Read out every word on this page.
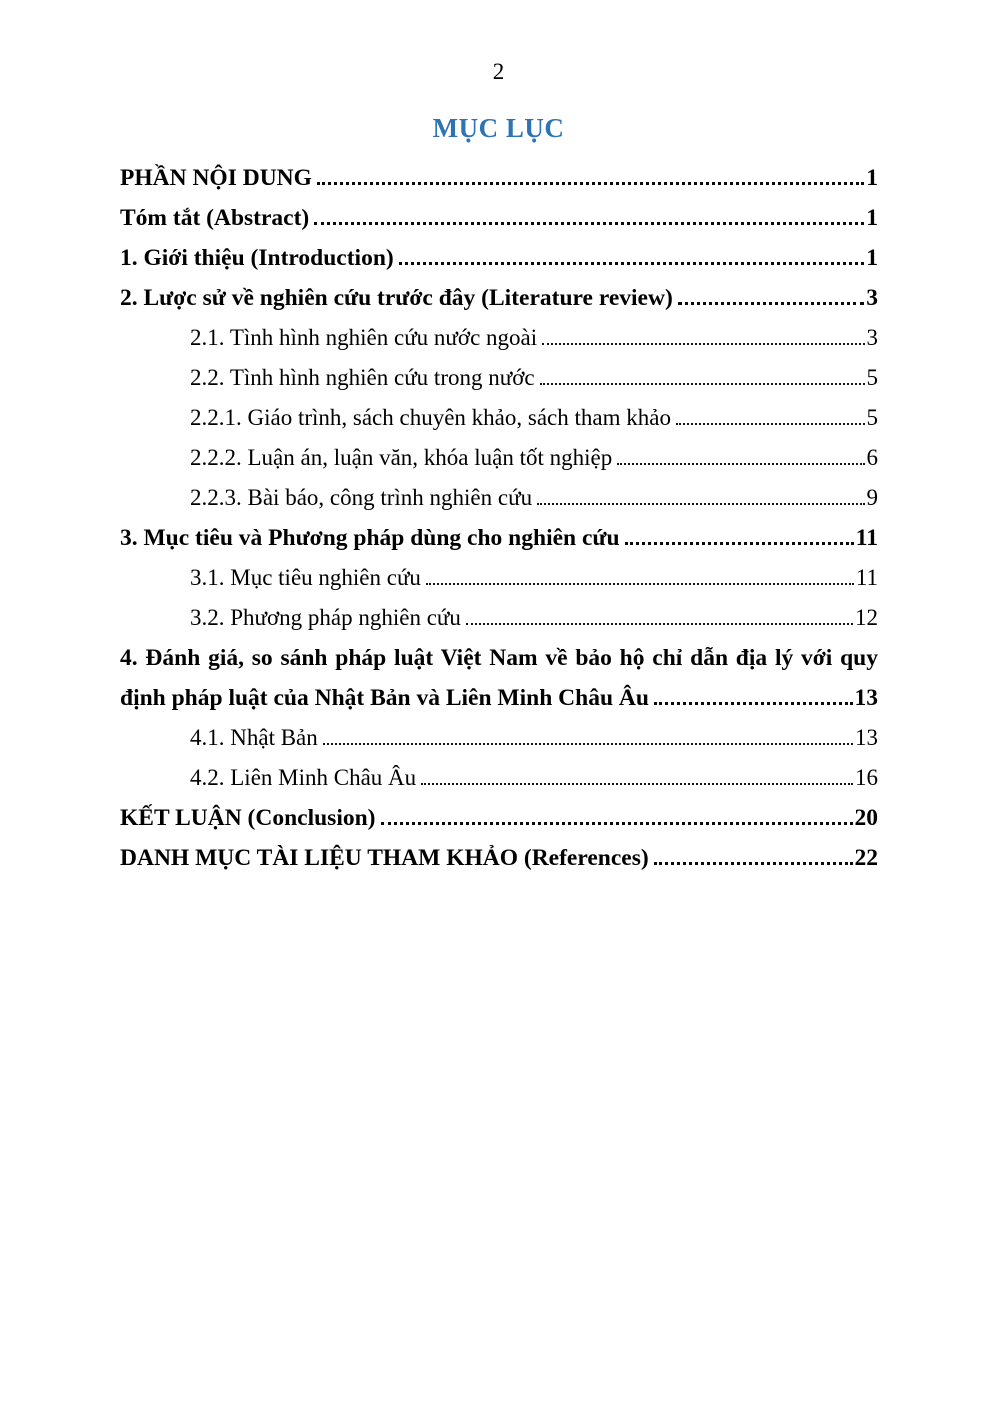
2
MỤC LỤC
PHẦN NỘI DUNG	1
Tóm tắt (Abstract)	1
1. Giới thiệu (Introduction)	1
2. Lược sử về nghiên cứu trước đây (Literature review)	3
2.1. Tình hình nghiên cứu nước ngoài	3
2.2. Tình hình nghiên cứu trong nước	5
2.2.1. Giáo trình, sách chuyên khảo, sách tham khảo	5
2.2.2. Luận án, luận văn, khóa luận tốt nghiệp	6
2.2.3. Bài báo, công trình nghiên cứu	9
3. Mục tiêu và Phương pháp dùng cho nghiên cứu	11
3.1. Mục tiêu nghiên cứu	11
3.2. Phương pháp nghiên cứu	12
4. Đánh giá, so sánh pháp luật Việt Nam về bảo hộ chỉ dẫn địa lý với quy
định pháp luật của Nhật Bản và Liên Minh Châu Âu	13
4.1. Nhật Bản	13
4.2. Liên Minh Châu Âu	16
KẾT LUẬN (Conclusion)	20
DANH MỤC TÀI LIỆU THAM KHẢO (References)	22
